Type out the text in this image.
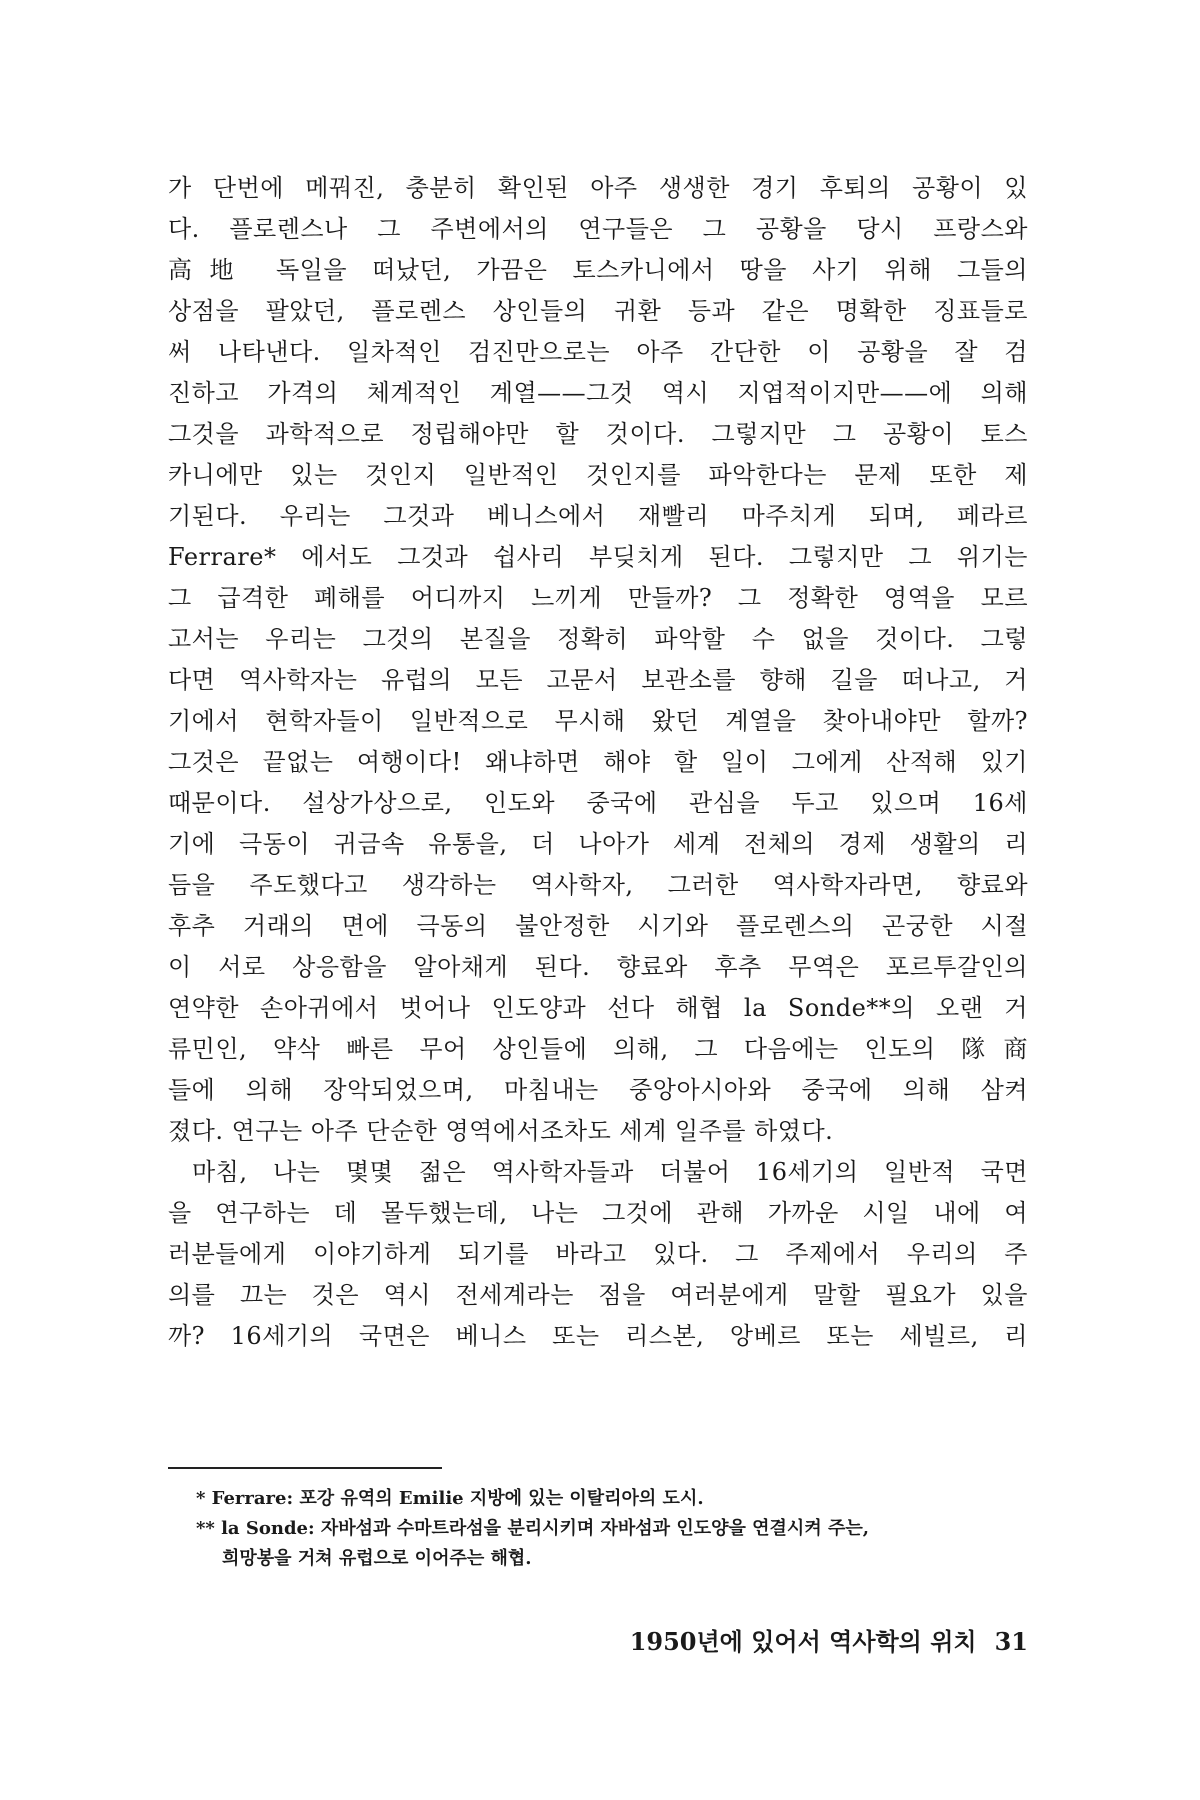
가 단번에 메꿔진, 충분히 확인된 아주 생생한 경기 후퇴의 공황이 있
다. 플로렌스나 그 주변에서의 연구들은 그 공황을 당시 프랑스와
高地 독일을 떠났던, 가끔은 토스카니에서 땅을 사기 위해 그들의
상점을 팔았던, 플로렌스 상인들의 귀환 등과 같은 명확한 징표들로
써 나타낸다. 일차적인 검진만으로는 아주 간단한 이 공황을 잘 검
진하고 가격의 체계적인 계열——그것 역시 지엽적이지만——에 의해
그것을 과학적으로 정립해야만 할 것이다. 그렇지만 그 공황이 토스
카니에만 있는 것인지 일반적인 것인지를 파악한다는 문제 또한 제
기된다. 우리는 그것과 베니스에서 재빨리 마주치게 되며, 페라르
Ferrare* 에서도 그것과 쉽사리 부딪치게 된다. 그렇지만 그 위기는
그 급격한 폐해를 어디까지 느끼게 만들까? 그 정확한 영역을 모르
고서는 우리는 그것의 본질을 정확히 파악할 수 없을 것이다. 그렇
다면 역사학자는 유럽의 모든 고문서 보관소를 향해 길을 떠나고, 거
기에서 현학자들이 일반적으로 무시해 왔던 계열을 찾아내야만 할까?
그것은 끝없는 여행이다! 왜냐하면 해야 할 일이 그에게 산적해 있기
때문이다. 설상가상으로, 인도와 중국에 관심을 두고 있으며 16세
기에 극동이 귀금속 유통을, 더 나아가 세계 전체의 경제 생활의 리
듬을 주도했다고 생각하는 역사학자, 그러한 역사학자라면, 향료와
후추 거래의 면에 극동의 불안정한 시기와 플로렌스의 곤궁한 시절
이 서로 상응함을 알아채게 된다. 향료와 후추 무역은 포르투갈인의
연약한 손아귀에서 벗어나 인도양과 선다 해협 la Sonde**의 오랜 거
류민인, 약삭 빠른 무어 상인들에 의해, 그 다음에는 인도의 隊商
들에 의해 장악되었으며, 마침내는 중앙아시아와 중국에 의해 삼켜
졌다. 연구는 아주 단순한 영역에서조차도 세계 일주를 하였다.
마침, 나는 몇몇 젊은 역사학자들과 더불어 16세기의 일반적 국면
을 연구하는 데 몰두했는데, 나는 그것에 관해 가까운 시일 내에 여
러분들에게 이야기하게 되기를 바라고 있다. 그 주제에서 우리의 주
의를 끄는 것은 역시 전세계라는 점을 여러분에게 말할 필요가 있을
까? 16세기의 국면은 베니스 또는 리스본, 앙베르 또는 세빌르, 리
* Ferrare: 포강 유역의 Emilie 지방에 있는 이탈리아의 도시.
** la Sonde: 자바섬과 수마트라섬을 분리시키며 자바섬과 인도양을 연결시켜 주는,
희망봉을 거쳐 유럽으로 이어주는 해협.
1950년에 있어서 역사학의 위치 31
